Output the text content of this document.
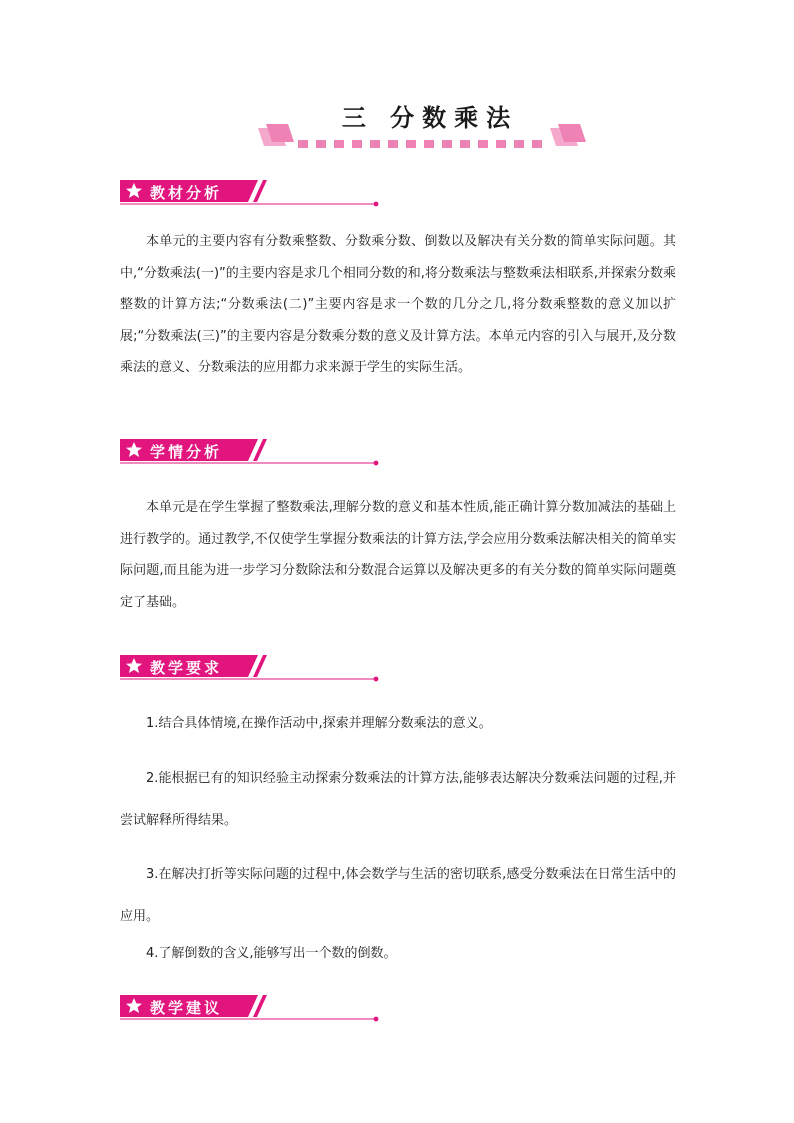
三 分数乘法
教材分析

本单元的主要内容有分数乘整数、分数乘分数、倒数以及解决有关分数的简单实际问题。其中,“分数乘法(一)”的主要内容是求几个相同分数的和,将分数乘法与整数乘法相联系,并探索分数乘整数的计算方法;“分数乘法(二)”主要内容是求一个数的几分之几,将分数乘整数的意义加以扩展;“分数乘法(三)”的主要内容是分数乘分数的意义及计算方法。本单元内容的引入与展开,及分数乘法的意义、分数乘法的应用都力求来源于学生的实际生活。

学情分析

本单元是在学生掌握了整数乘法,理解分数的意义和基本性质,能正确计算分数加减法的基础上进行教学的。通过教学,不仅使学生掌握分数乘法的计算方法,学会应用分数乘法解决相关的简单实际问题,而且能为进一步学习分数除法和分数混合运算以及解决更多的有关分数的简单实际问题奠定了基础。

教学要求

1.结合具体情境,在操作活动中,探索并理解分数乘法的意义。

2.能根据已有的知识经验主动探索分数乘法的计算方法,能够表达解决分数乘法问题的过程,并尝试解释所得结果。

3.在解决打折等实际问题的过程中,体会数学与生活的密切联系,感受分数乘法在日常生活中的应用。

4.了解倒数的含义,能够写出一个数的倒数。

教学建议
